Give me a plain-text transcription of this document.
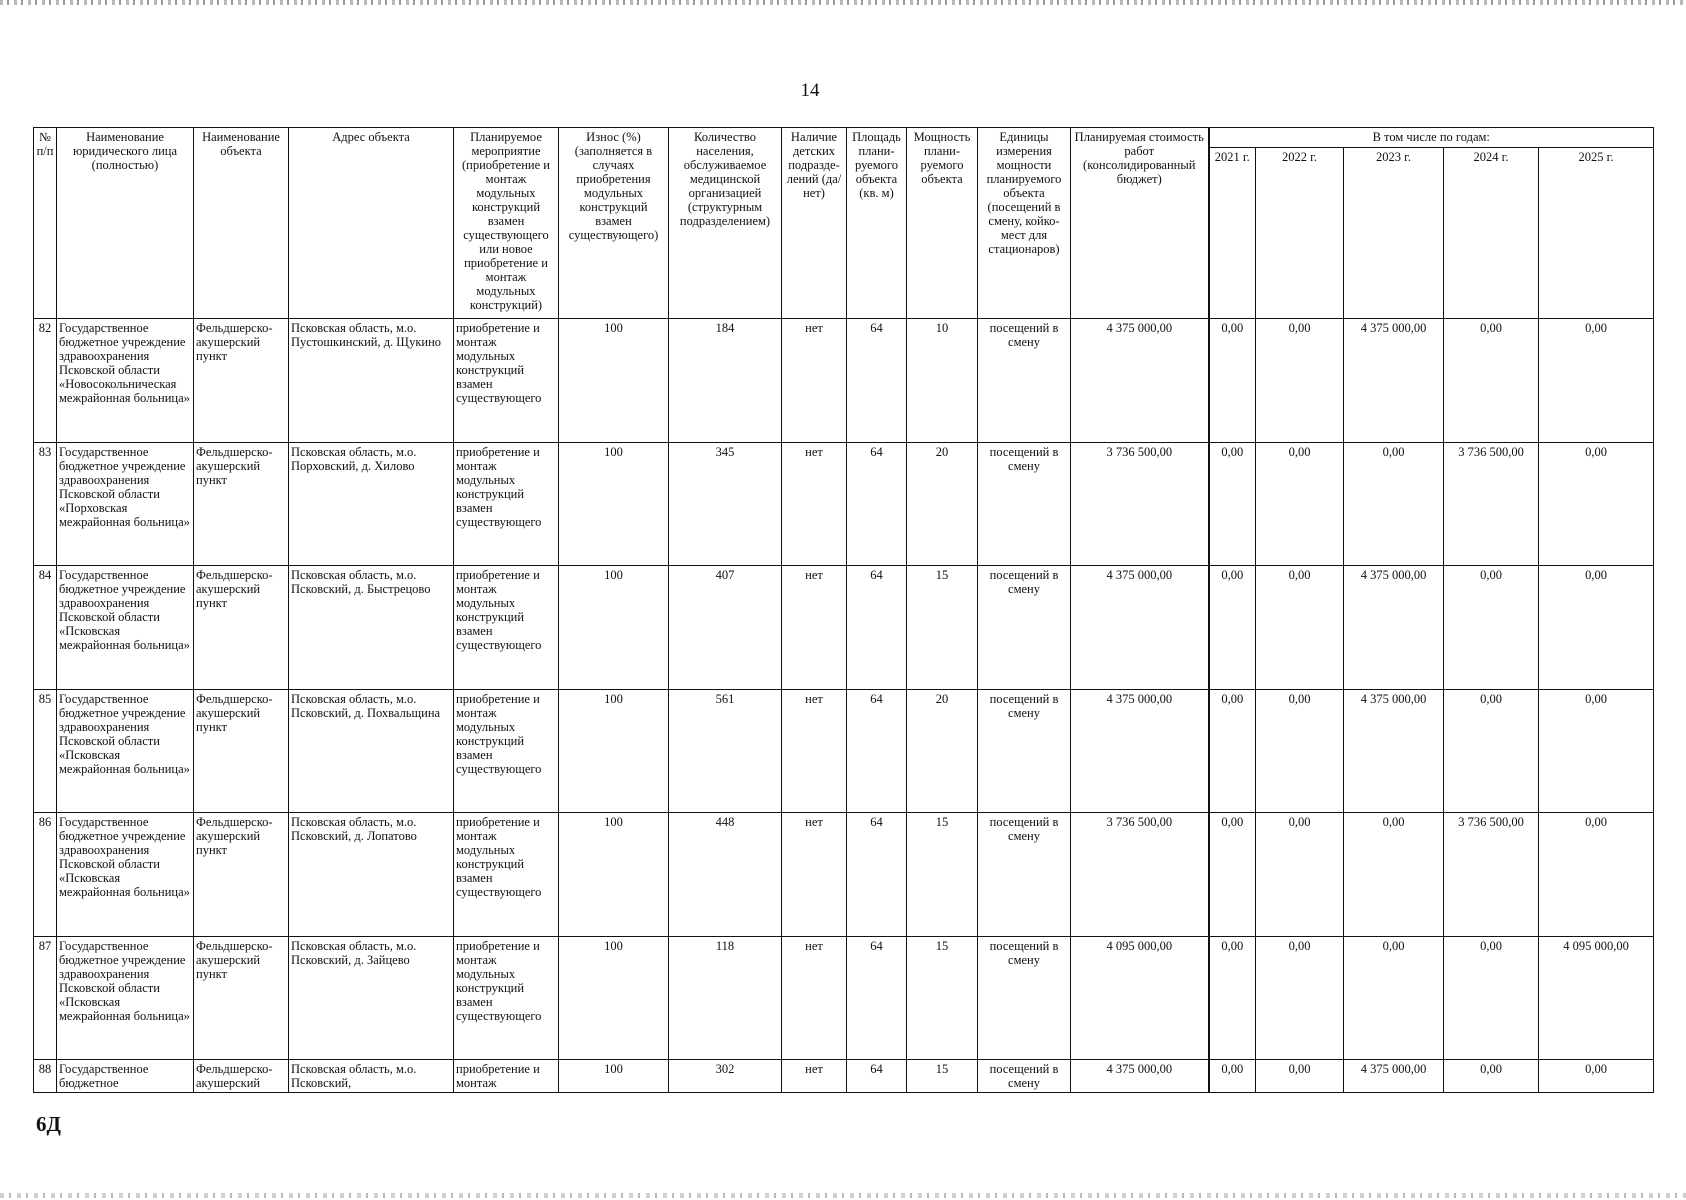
14
№ п/п	Наименование юридического лица (полностью)	Наименование объекта	Адрес объекта	Планируемое мероприятие (приобретение и монтаж модульных конструкций взамен существующего или новое приобретение и монтаж модульных конструкций)	Износ (%) (заполняется в случаях приобретения модульных конструкций взамен существующего)	Количество населения, обслуживаемое медицинской организацией (структурным подразделением)	Наличие детских подразде-лений (да/нет)	Площадь плани-руемого объекта (кв. м)	Мощность плани-руемого объекта	Единицы измерения мощности планируемого объекта (посещений в смену, койко-мест для стационаров)	Планируемая стоимость работ (консолидированный бюджет)	В том числе по годам:				
												2021 г.	2022 г.	2023 г.	2024 г.	2025 г.
82	Государственное бюджетное учреждение здравоохранения Псковской области «Новосокольническая межрайонная больница»	Фельдшерско-акушерский пункт	Псковская область, м.о. Пустошкинский, д. Щукино	приобретение и монтаж модульных конструкций взамен существующего	100	184	нет	64	10	посещений в смену	4 375 000,00	0,00	0,00	4 375 000,00	0,00	0,00
83	Государственное бюджетное учреждение здравоохранения Псковской области «Порховская межрайонная больница»	Фельдшерско-акушерский пункт	Псковская область, м.о. Порховский, д. Хилово	приобретение и монтаж модульных конструкций взамен существующего	100	345	нет	64	20	посещений в смену	3 736 500,00	0,00	0,00	0,00	3 736 500,00	0,00
84	Государственное бюджетное учреждение здравоохранения Псковской области «Псковская межрайонная больница»	Фельдшерско-акушерский пункт	Псковская область, м.о. Псковский, д. Быстрецово	приобретение и монтаж модульных конструкций взамен существующего	100	407	нет	64	15	посещений в смену	4 375 000,00	0,00	0,00	4 375 000,00	0,00	0,00
85	Государственное бюджетное учреждение здравоохранения Псковской области «Псковская межрайонная больница»	Фельдшерско-акушерский пункт	Псковская область, м.о. Псковский, д. Похвальщина	приобретение и монтаж модульных конструкций взамен существующего	100	561	нет	64	20	посещений в смену	4 375 000,00	0,00	0,00	4 375 000,00	0,00	0,00
86	Государственное бюджетное учреждение здравоохранения Псковской области «Псковская межрайонная больница»	Фельдшерско-акушерский пункт	Псковская область, м.о. Псковский, д. Лопатово	приобретение и монтаж модульных конструкций взамен существующего	100	448	нет	64	15	посещений в смену	3 736 500,00	0,00	0,00	0,00	3 736 500,00	0,00
87	Государственное бюджетное учреждение здравоохранения Псковской области «Псковская межрайонная больница»	Фельдшерско-акушерский пункт	Псковская область, м.о. Псковский, д. Зайцево	приобретение и монтаж модульных конструкций взамен существующего	100	118	нет	64	15	посещений в смену	4 095 000,00	0,00	0,00	0,00	0,00	4 095 000,00
88	Государственное бюджетное	Фельдшерско-акушерский	Псковская область, м.о. Псковский,	приобретение и монтаж	100	302	нет	64	15	посещений в смену	4 375 000,00	0,00	0,00	4 375 000,00	0,00	0,00
6Д
